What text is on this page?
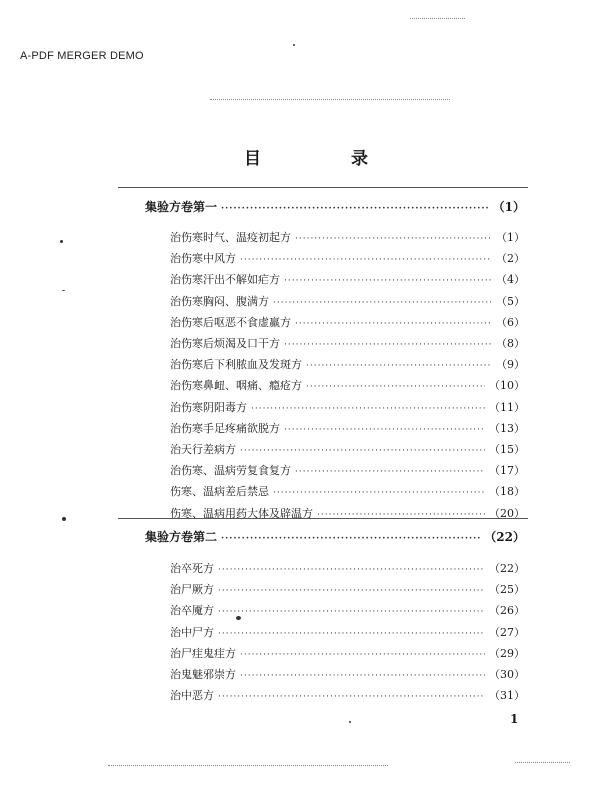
A-PDF MERGER DEMO
目 录
集验方卷第一 ·····	（1）
治伤寒时气、温疫初起方 ·····	（1）
治伤寒中风方 ·····	（2）
治伤寒汗出不解如疟方 ·····	（4）
治伤寒胸闷、腹满方 ·····	（5）
治伤寒后呕恶不食虚羸方 ·····	（6）
治伤寒后烦渴及口干方 ·····	（8）
治伤寒后下利脓血及发斑方 ·····	（9）
治伤寒鼻衄、咽痛、瘾疮方 ·····	（10）
治伤寒阴阳毒方 ·····	（11）
治伤寒手足疼痛欲脱方 ·····	（13）
治天行差病方 ·····	（15）
治伤寒、温病劳复食复方 ·····	（17）
伤寒、温病差后禁忌 ·····	（18）
伤寒、温病用药大体及辟温方 ·····	（20）
集验方卷第二 ·····	（22）
治卒死方 ·····	（22）
治尸厥方 ·····	（25）
治卒魇方 ·····	（26）
治中尸方 ·····	（27）
治尸疰鬼疰方 ·····	（29）
治鬼魅邪崇方 ·····	（30）
治中恶方 ·····	（31）
1
